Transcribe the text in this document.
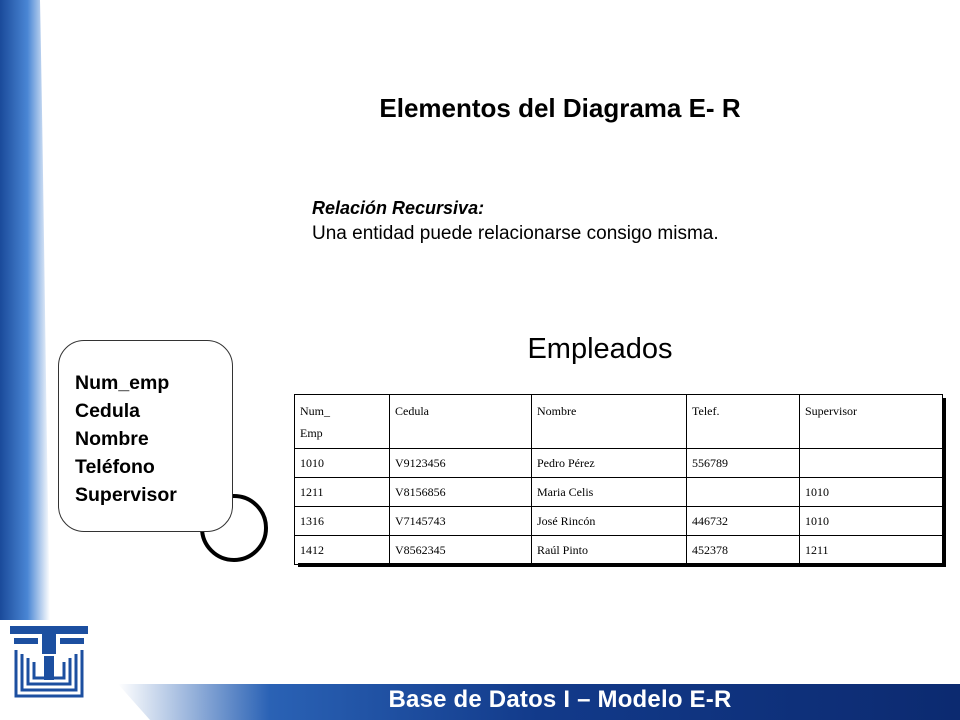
Base de Datos I – Modelo E-R
Elementos del Diagrama E- R
Relación Recursiva:
Una entidad puede relacionarse consigo misma.
Num_emp
Cedula
Nombre
Teléfono
Supervisor
Empleados
Num_ Emp	Cedula	Nombre	Telef.	Supervisor
1010	V9123456	Pedro Pérez	556789	
1211	V8156856	Maria Celis		1010
1316	V7145743	José Rincón	446732	1010
1412	V8562345	Raúl Pinto	452378	1211
